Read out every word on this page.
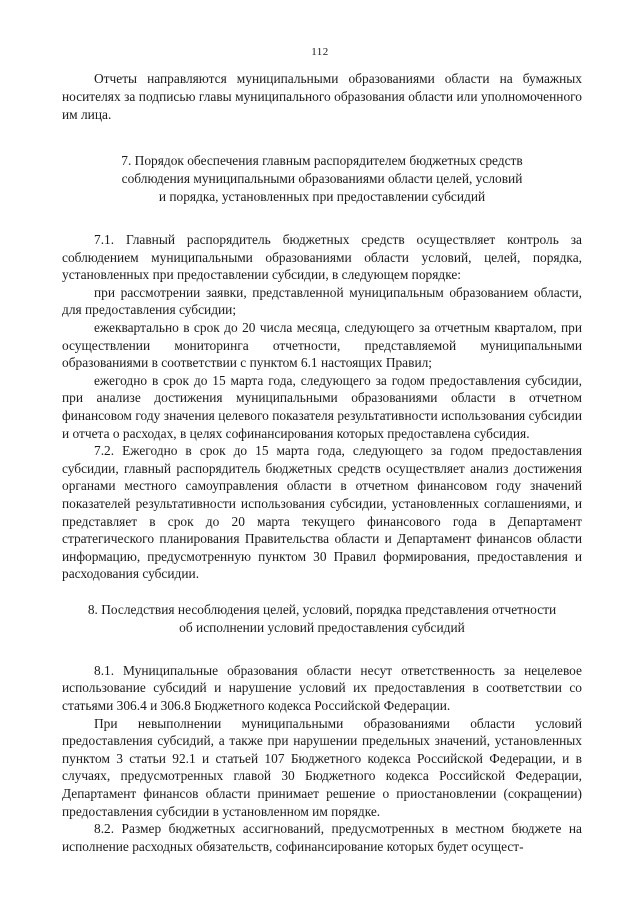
112

Отчеты направляются муниципальными образованиями области на бумажных носителях за подписью главы муниципального образования области или уполномоченного им лица.

7. Порядок обеспечения главным распорядителем бюджетных средств
соблюдения муниципальными образованиями области целей, условий
и порядка, установленных при предоставлении субсидий

7.1. Главный распорядитель бюджетных средств осуществляет контроль за соблюдением муниципальными образованиями области условий, целей, порядка, установленных при предоставлении субсидии, в следующем порядке:

при рассмотрении заявки, представленной муниципальным образованием области, для предоставления субсидии;

ежеквартально в срок до 20 числа месяца, следующего за отчетным кварталом, при осуществлении мониторинга отчетности, представляемой муниципальными образованиями в соответствии с пунктом 6.1 настоящих Правил;

ежегодно в срок до 15 марта года, следующего за годом предоставления субсидии, при анализе достижения муниципальными образованиями области в отчетном финансовом году значения целевого показателя результативности использования субсидии и отчета о расходах, в целях софинансирования которых предоставлена субсидия.

7.2. Ежегодно в срок до 15 марта года, следующего за годом предоставления субсидии, главный распорядитель бюджетных средств осуществляет анализ достижения органами местного самоуправления области в отчетном финансовом году значений показателей результативности использования субсидии, установленных соглашениями, и представляет в срок до 20 марта текущего финансового года в Департамент стратегического планирования Правительства области и Департамент финансов области информацию, предусмотренную пунктом 30 Правил формирования, предоставления и расходования субсидии.

8. Последствия несоблюдения целей, условий, порядка представления отчетности
об исполнении условий предоставления субсидий

8.1. Муниципальные образования области несут ответственность за нецелевое использование субсидий и нарушение условий их предоставления в соответствии со статьями 306.4 и 306.8 Бюджетного кодекса Российской Федерации.

При невыполнении муниципальными образованиями области условий предоставления субсидий, а также при нарушении предельных значений, установленных пунктом 3 статьи 92.1 и статьей 107 Бюджетного кодекса Российской Федерации, и в случаях, предусмотренных главой 30 Бюджетного кодекса Российской Федерации, Департамент финансов области принимает решение о приостановлении (сокращении) предоставления субсидии в установленном им порядке.

8.2. Размер бюджетных ассигнований, предусмотренных в местном бюджете на исполнение расходных обязательств, софинансирование которых будет осущест-
